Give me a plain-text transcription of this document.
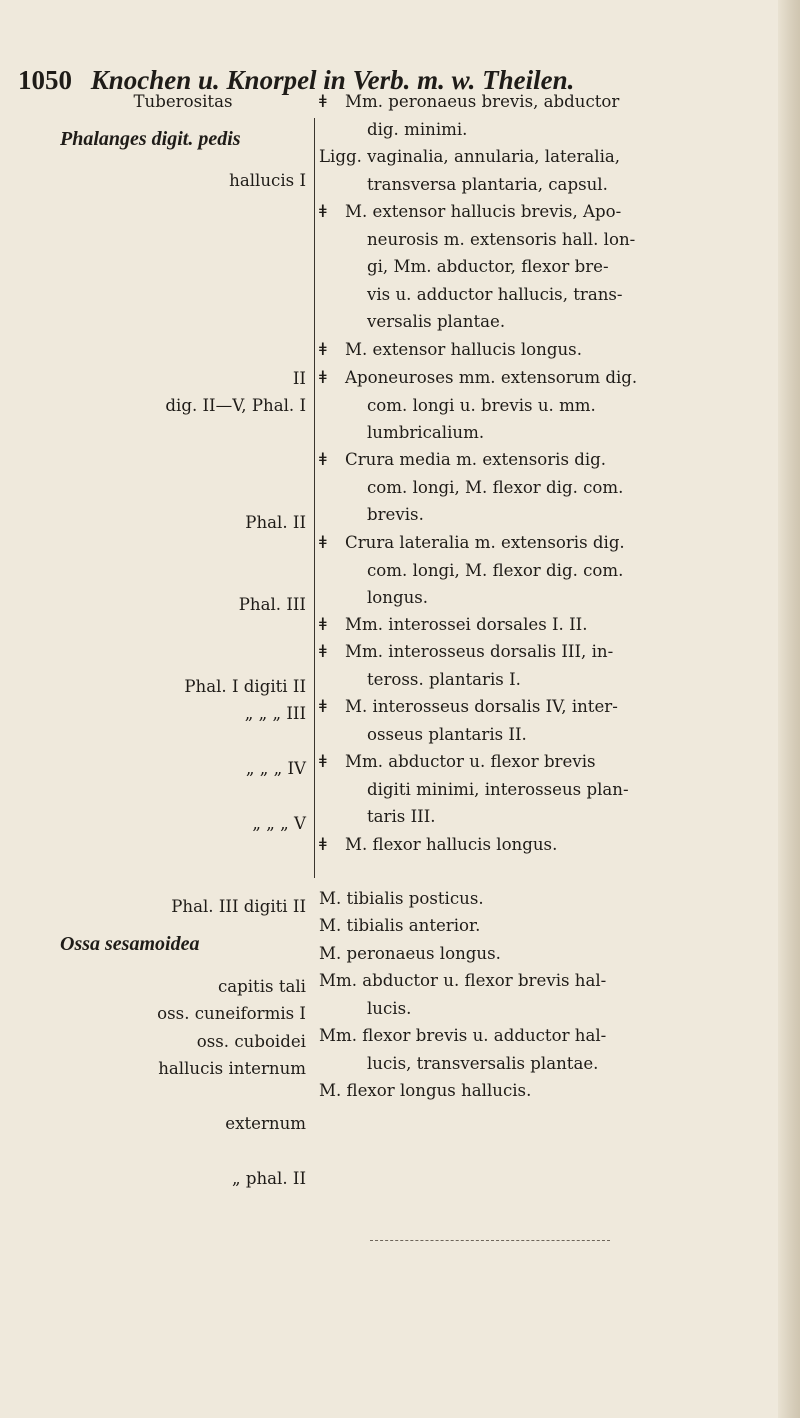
1050 Knochen u. Knorpel in Verb. m. w. Theilen.
Tuberositas
Phalanges digit. pedis
hallucis I
II
dig. II—V, Phal. I
Phal. II
Phal. III
Phal. I digiti II
„ „ „ III
„ „ „ IV
„ „ „ V
Phal. III digiti II
Ossa sesamoidea
capitis tali
oss. cuneiformis I
oss. cuboidei
hallucis internum
externum
„ phal. II
ǂ Mm. peronaeus brevis, abductor
dig. minimi.
Ligg. vaginalia, annularia, lateralia,
transversa plantaria, capsul.
ǂ M. extensor hallucis brevis, Apo-
neurosis m. extensoris hall. lon-
gi, Mm. abductor, flexor bre-
vis u. adductor hallucis, trans-
versalis plantae.
ǂ M. extensor hallucis longus.
ǂ Aponeuroses mm. extensorum dig.
com. longi u. brevis u. mm.
lumbricalium.
ǂ Crura media m. extensoris dig.
com. longi, M. flexor dig. com.
brevis.
ǂ Crura lateralia m. extensoris dig.
com. longi, M. flexor dig. com.
longus.
ǂ Mm. interossei dorsales I. II.
ǂ Mm. interosseus dorsalis III, in-
teross. plantaris I.
ǂ M. interosseus dorsalis IV, inter-
osseus plantaris II.
ǂ Mm. abductor u. flexor brevis
digiti minimi, interosseus plan-
taris III.
ǂ M. flexor hallucis longus.
M. tibialis posticus.
M. tibialis anterior.
M. peronaeus longus.
Mm. abductor u. flexor brevis hal-
lucis.
Mm. flexor brevis u. adductor hal-
lucis, transversalis plantae.
M. flexor longus hallucis.
